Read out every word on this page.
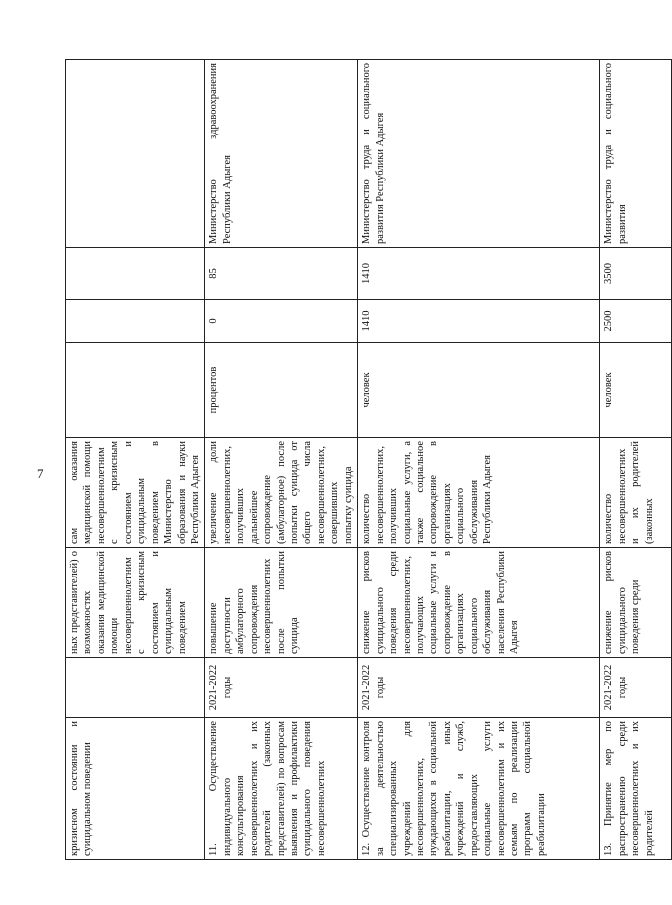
7
кризисном состоянии и суицидальном поведении		ных представителей) о возможностях оказания медицинской помощи несовершеннолетним с кризисным состоянием и суицидальным поведением	сам оказания медицинской помощи несовершеннолетним с кризисным состоянием и суицидальным поведением в Министерство образования и науки Республики Адыгея				
11. Осуществление индивидуального консультирования несовершеннолетних и их родителей (законных представителей) по вопросам выявления и профилактики суицидального поведения несовершеннолетних	2021-2022 годы	повышение доступности амбулаторного сопровождения несовершеннолетних после попытки суицида	увеличение доли несовершеннолетних, получивших дальнейшее сопровождение (амбулаторное) после попытки суицида от общего числа несовершеннолетних, совершивших попытку суицида	процентов	0	85	Министерство здравоохранения Республики Адыгея
12. Осуществление контроля за деятельностью специализированных учреждений для несовершеннолетних, нуждающихся в социальной реабилитации, иных учреждений и служб, предоставляющих социальные услуги несовершеннолетним и их семьям по реализации программ социальной реабилитации	2021-2022 годы	снижение рисков суицидального поведения среди несовершеннолетних, получающих социальные услуги и сопровождение в организациях социального обслуживания населения Республики Адыгея	количество несовершеннолетних, получивших социальные услуги, а также социальное сопровождение в организациях социального обслуживания Республики Адыгея	человек	1410	1410	Министерство труда и социального развития Республики Адыгея
13. Принятие мер по распространению среди несовершеннолетних и их родителей	2021-2022 годы	снижение рисков суицидального поведения среди	количество несовершеннолетних и их родителей (законных	человек	2500	3500	Министерство труда и социального развития
